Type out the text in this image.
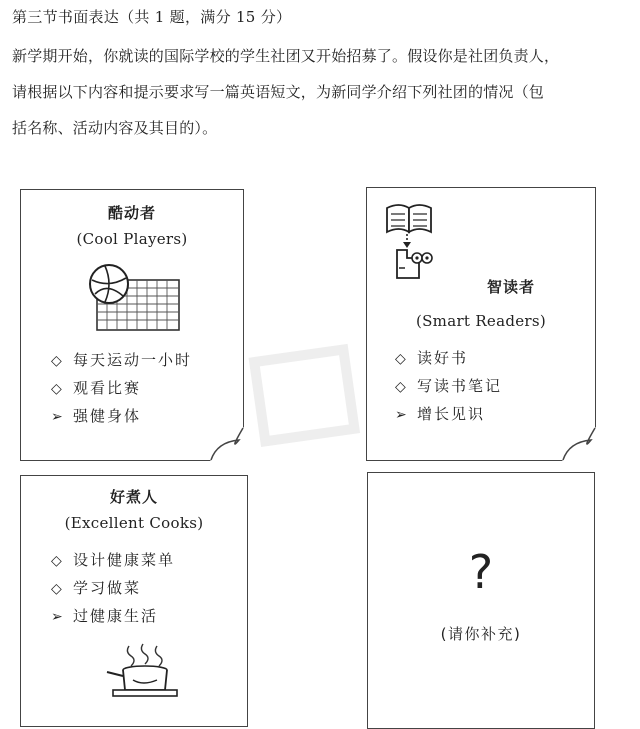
第三节书面表达（共 1 题，满分 15 分）
新学期开始，你就读的国际学校的学生社团又开始招募了。假设你是社团负责人，
请根据以下内容和提示要求写一篇英语短文，为新同学介绍下列社团的情况（包
括名称、活动内容及其目的）。
酷动者
(Cool Players)
◇ 每天运动一小时
◇ 观看比赛
➢ 强健身体
智读者
(Smart Readers)
◇ 读好书
◇ 写读书笔记
➢ 增长见识
好煮人
(Excellent Cooks)
◇ 设计健康菜单
◇ 学习做菜
➢ 过健康生活
?
(请你补充)
